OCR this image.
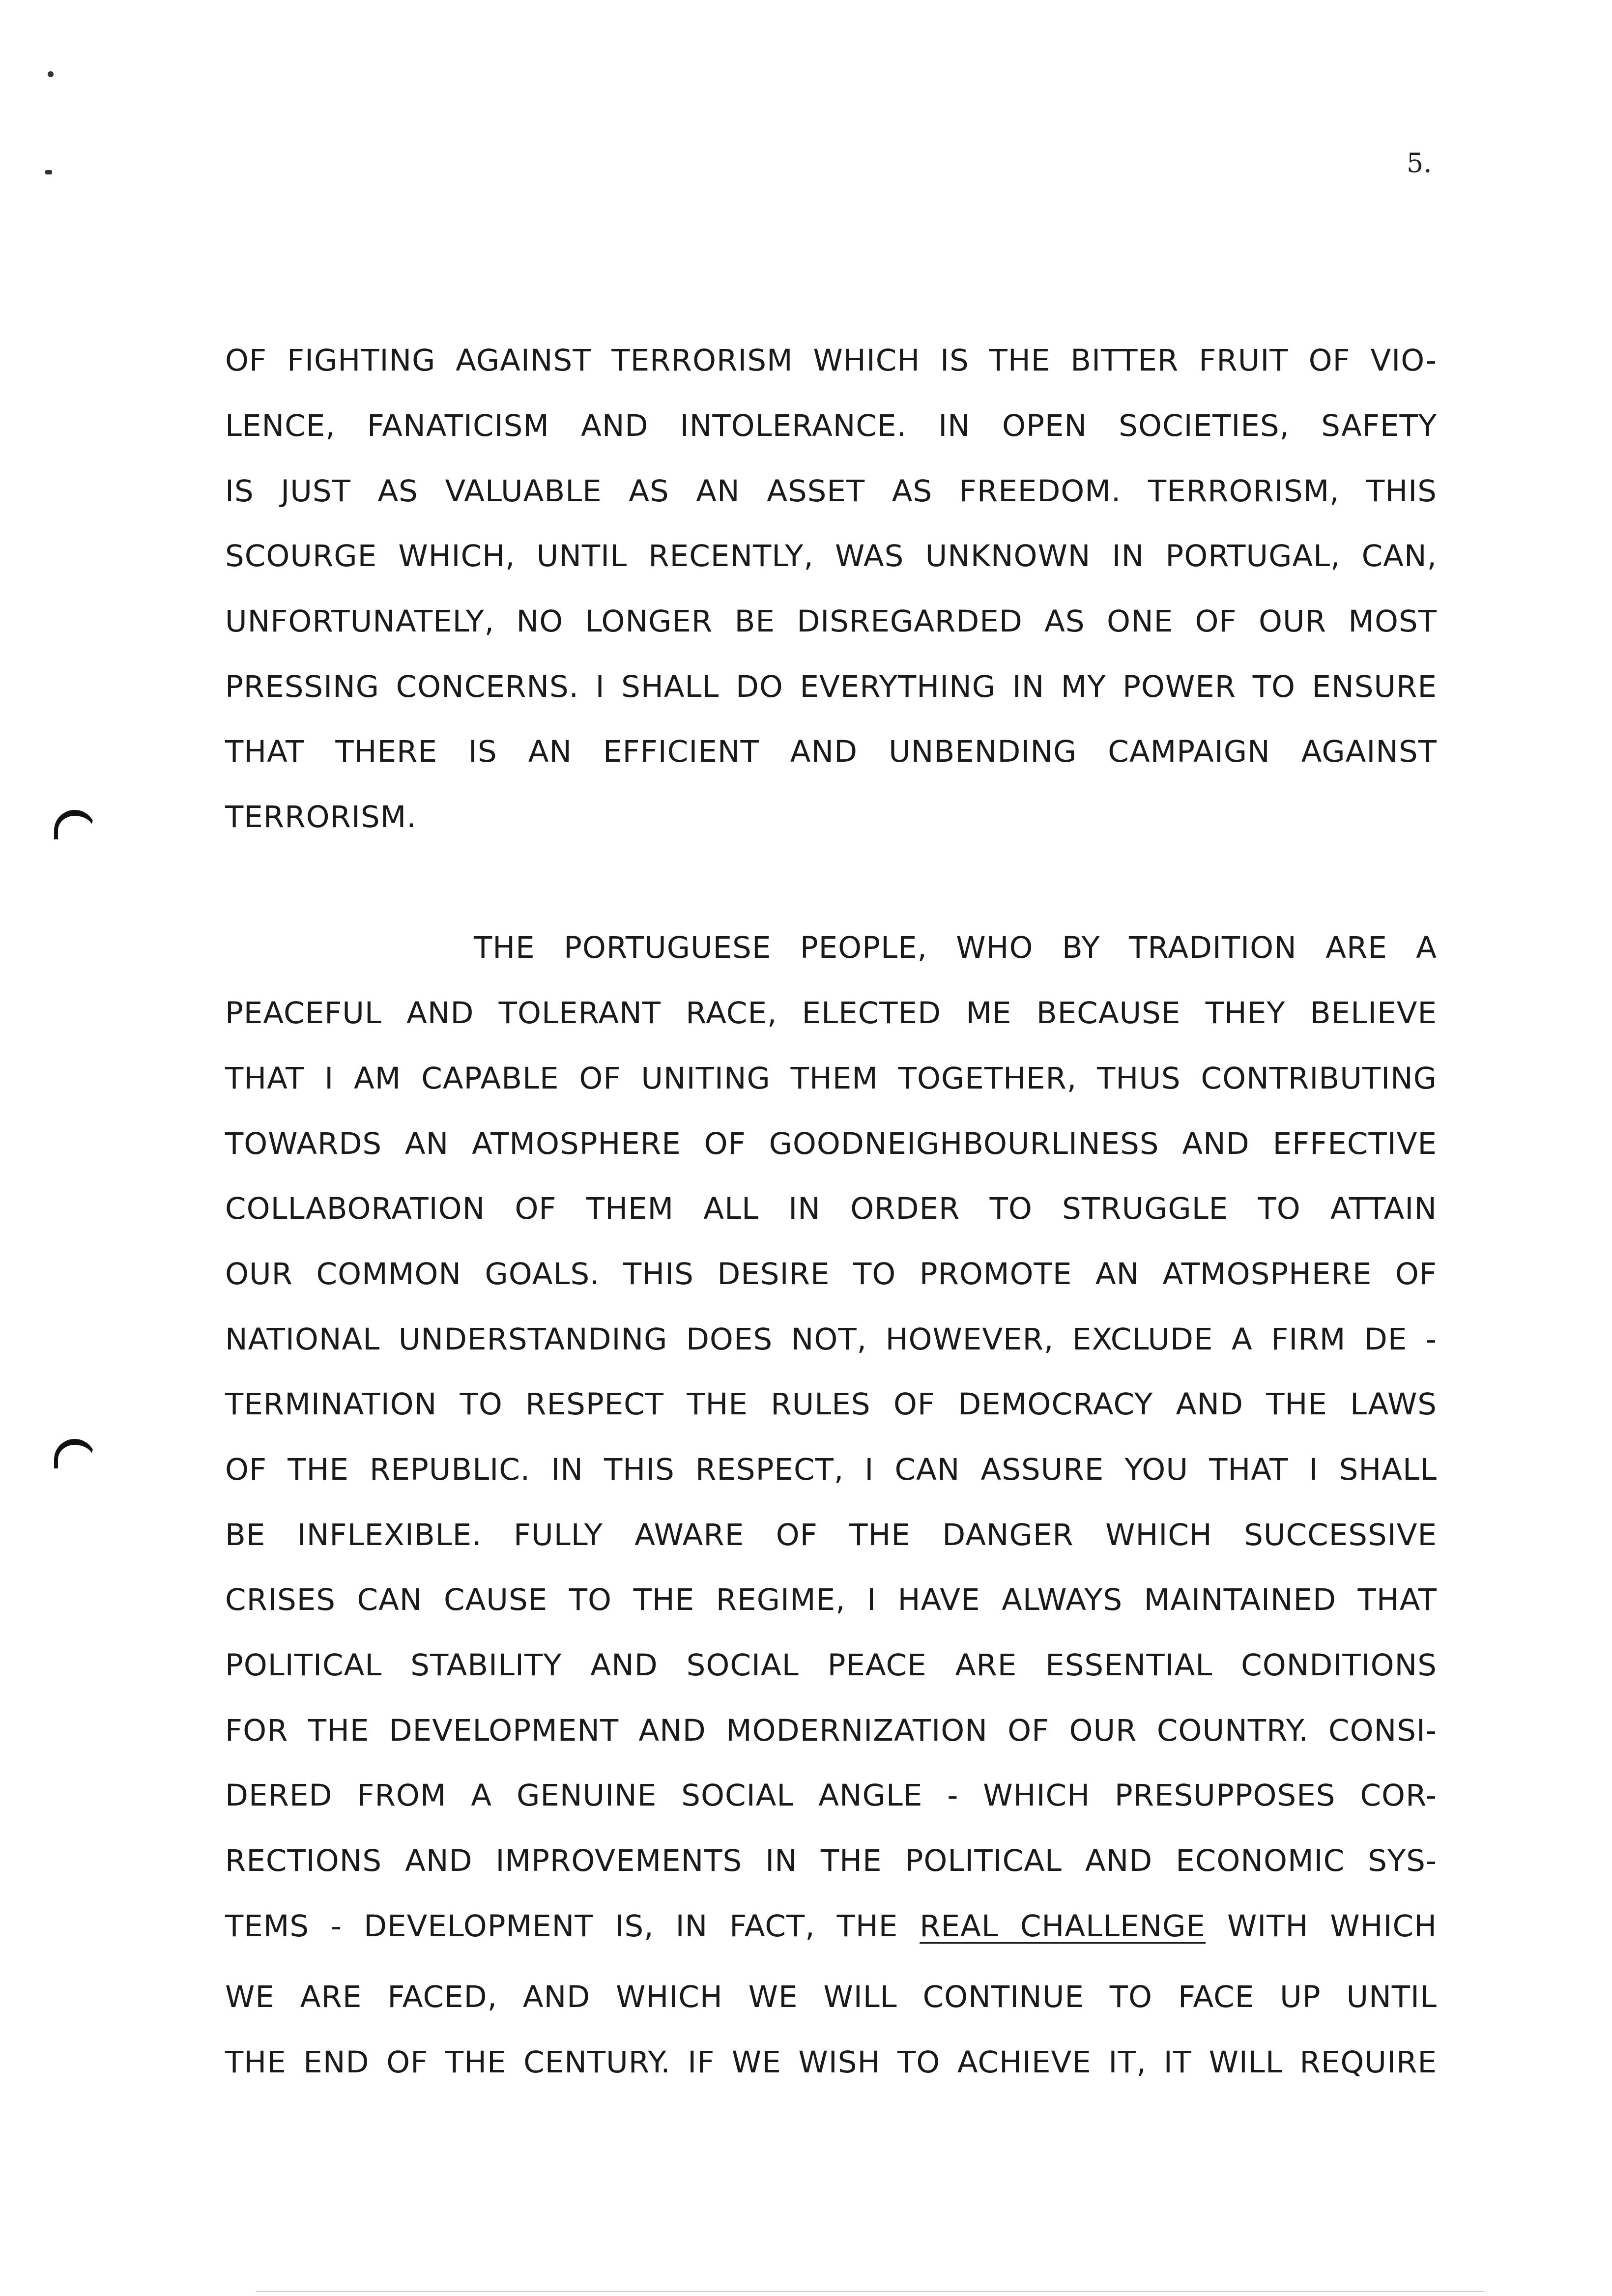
5.
OF FIGHTING AGAINST TERRORISM WHICH IS THE BITTER FRUIT OF VIO-
LENCE, FANATICISM AND INTOLERANCE. IN OPEN SOCIETIES, SAFETY
IS JUST AS VALUABLE AS AN ASSET AS FREEDOM. TERRORISM, THIS
SCOURGE WHICH, UNTIL RECENTLY, WAS UNKNOWN IN PORTUGAL, CAN,
UNFORTUNATELY, NO LONGER BE DISREGARDED AS ONE OF OUR MOST
PRESSING CONCERNS. I SHALL DO EVERYTHING IN MY POWER TO ENSURE
THAT THERE IS AN EFFICIENT AND UNBENDING CAMPAIGN AGAINST
TERRORISM.
THE PORTUGUESE PEOPLE, WHO BY TRADITION ARE A
PEACEFUL AND TOLERANT RACE, ELECTED ME BECAUSE THEY BELIEVE
THAT I AM CAPABLE OF UNITING THEM TOGETHER, THUS CONTRIBUTING
TOWARDS AN ATMOSPHERE OF GOODNEIGHBOURLINESS AND EFFECTIVE
COLLABORATION OF THEM ALL IN ORDER TO STRUGGLE TO ATTAIN
OUR COMMON GOALS. THIS DESIRE TO PROMOTE AN ATMOSPHERE OF
NATIONAL UNDERSTANDING DOES NOT, HOWEVER, EXCLUDE A FIRM DE -
TERMINATION TO RESPECT THE RULES OF DEMOCRACY AND THE LAWS
OF THE REPUBLIC. IN THIS RESPECT, I CAN ASSURE YOU THAT I SHALL
BE INFLEXIBLE. FULLY AWARE OF THE DANGER WHICH SUCCESSIVE
CRISES CAN CAUSE TO THE REGIME, I HAVE ALWAYS MAINTAINED THAT
POLITICAL STABILITY AND SOCIAL PEACE ARE ESSENTIAL CONDITIONS
FOR THE DEVELOPMENT AND MODERNIZATION OF OUR COUNTRY. CONSI-
DERED FROM A GENUINE SOCIAL ANGLE - WHICH PRESUPPOSES COR-
RECTIONS AND IMPROVEMENTS IN THE POLITICAL AND ECONOMIC SYS-
TEMS - DEVELOPMENT IS, IN FACT, THE REAL CHALLENGE WITH WHICH
WE ARE FACED, AND WHICH WE WILL CONTINUE TO FACE UP UNTIL
THE END OF THE CENTURY. IF WE WISH TO ACHIEVE IT, IT WILL REQUIRE
